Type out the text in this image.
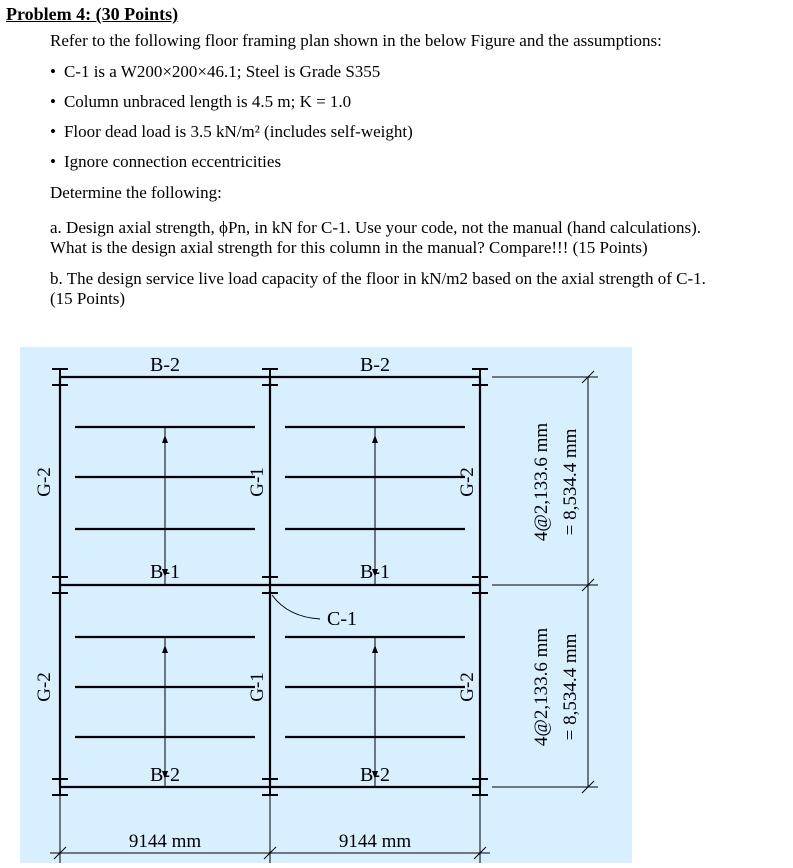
Problem 4: (30 Points)
Refer to the following floor framing plan shown in the below Figure and the assumptions:
• C-1 is a W200×200×46.1; Steel is Grade S355
• Column unbraced length is 4.5 m; K = 1.0
• Floor dead load is 3.5 kN/m² (includes self-weight)
• Ignore connection eccentricities
Determine the following:
a. Design axial strength, ϕPn, in kN for C-1. Use your code, not the manual (hand calculations).
What is the design axial strength for this column in the manual? Compare!!! (15 Points)
b. The design service live load capacity of the floor in kN/m2 based on the axial strength of C-1.
(15 Points)
B-2	B-2
B-1	B-1
B-2	B-2
C-1
G-2
G-2
G-1
G-1
G-2
G-2
4@2,133.6 mm = 8,534.4 mm
4@2,133.6 mm = 8,534.4 mm
9144 mm	9144 mm
